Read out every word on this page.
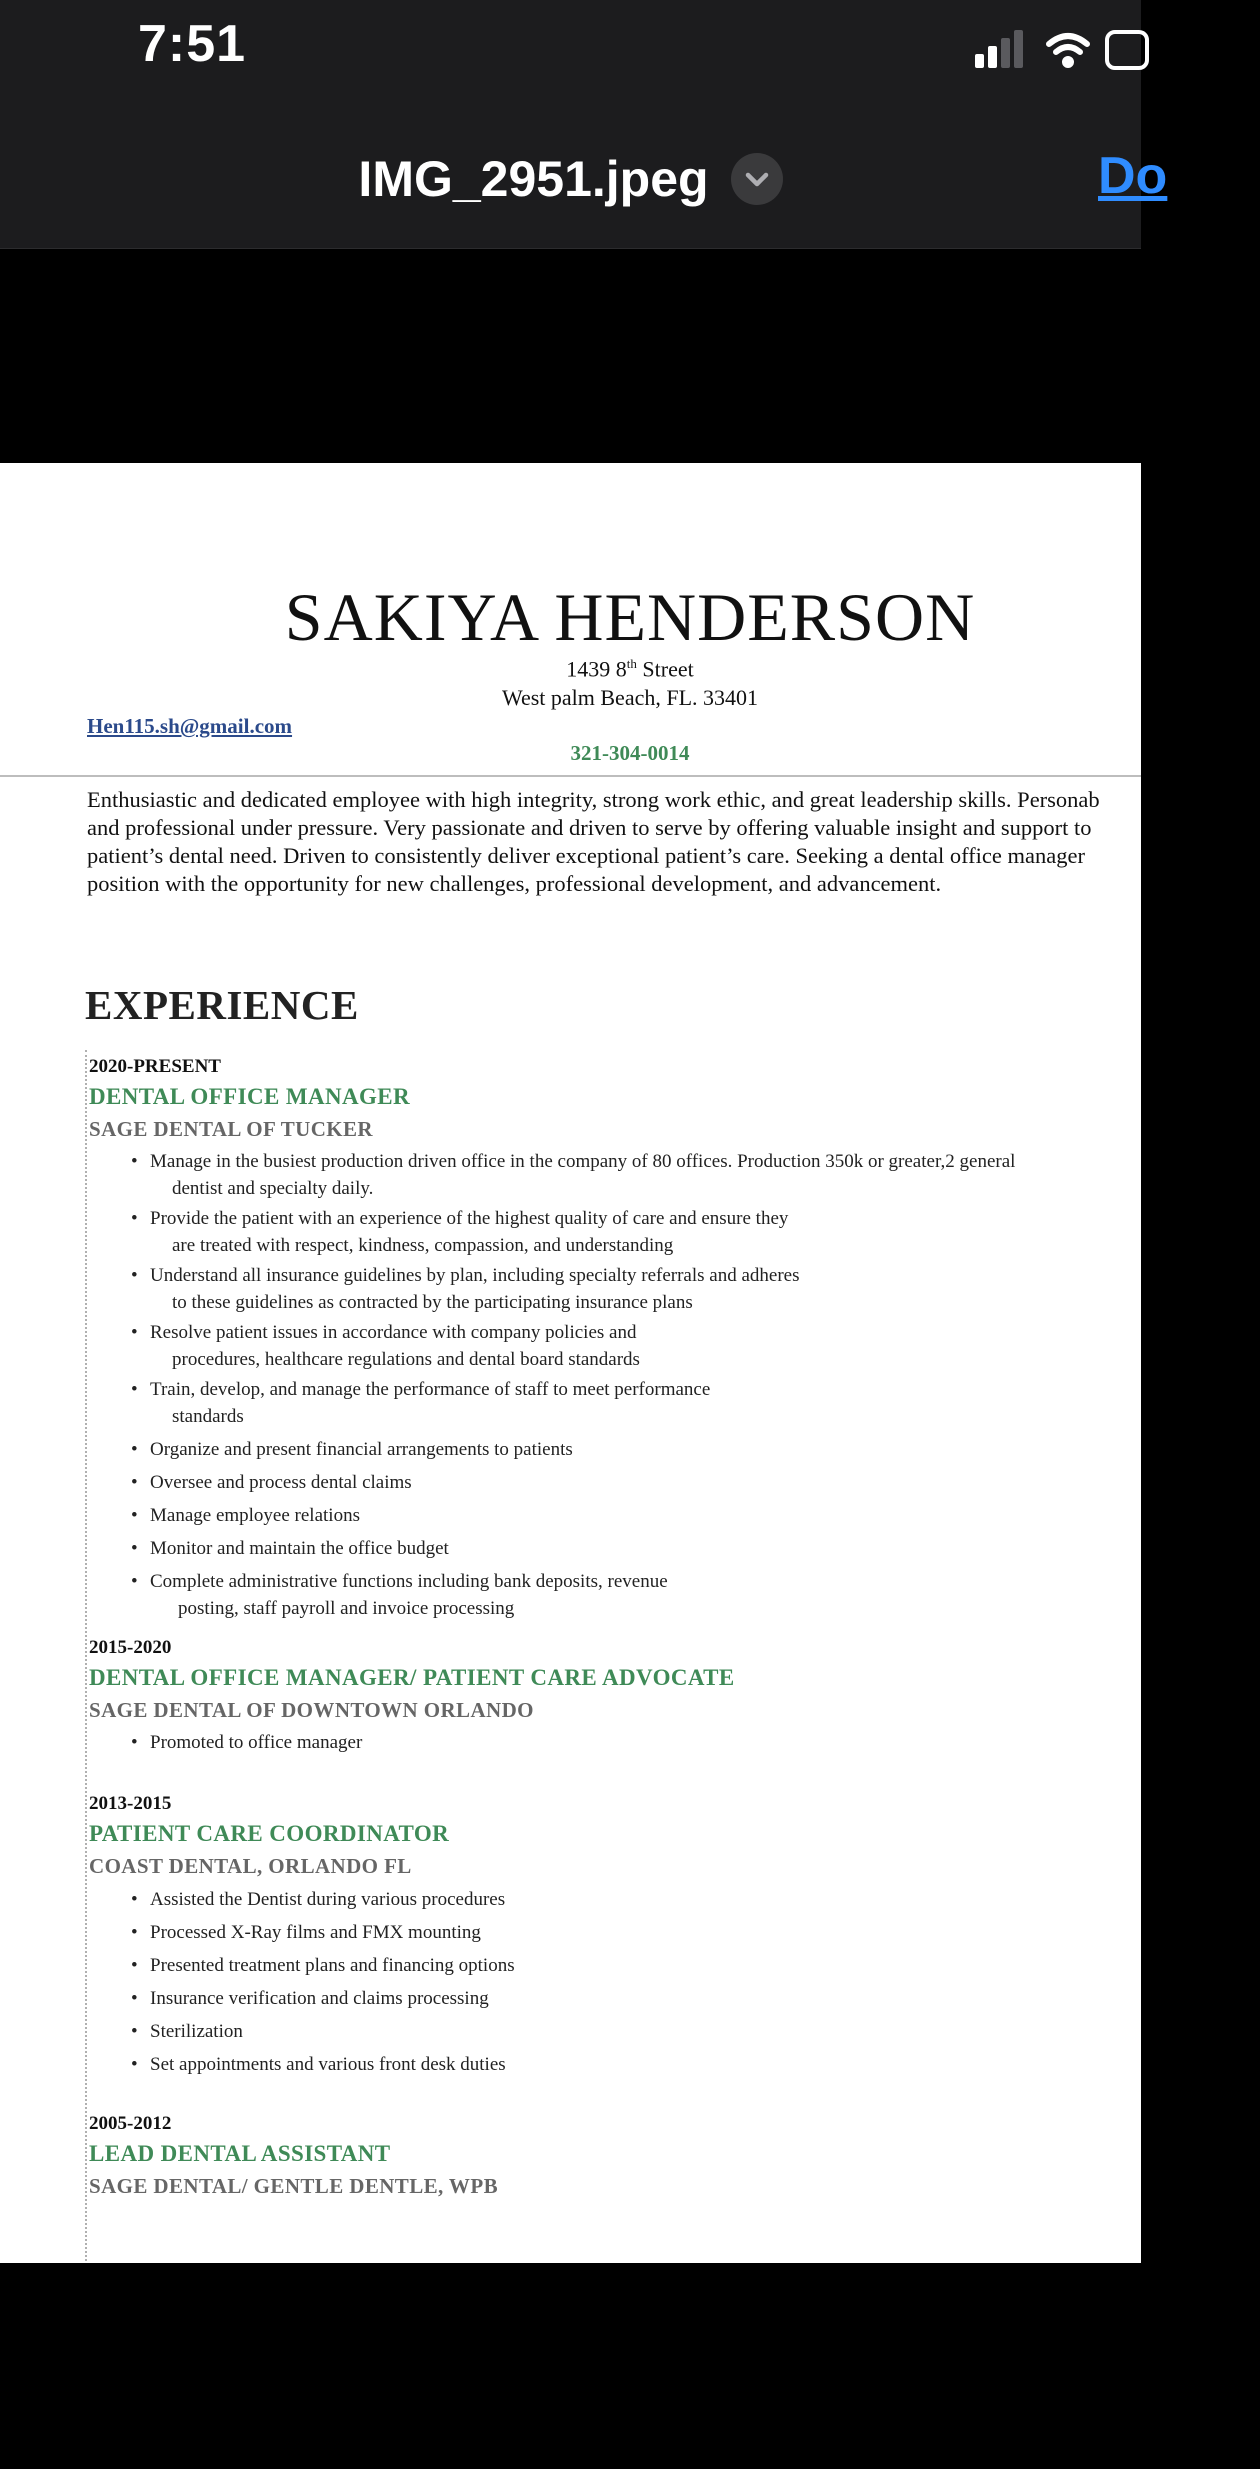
7:51
IMG_2951.jpeg	Do
SAKIYA HENDERSON
1439 8th Street
West palm Beach, FL. 33401
Hen115.sh@gmail.com
321-304-0014
Enthusiastic and dedicated employee with high integrity, strong work ethic, and great leadership skills. Personab
and professional under pressure. Very passionate and driven to serve by offering valuable insight and support to
patient’s dental need. Driven to consistently deliver exceptional patient’s care. Seeking a dental office manager
position with the opportunity for new challenges, professional development, and advancement.
EXPERIENCE
2020-PRESENT
DENTAL OFFICE MANAGER
SAGE DENTAL OF TUCKER
• Manage in the busiest production driven office in the company of 80 offices. Production 350k or greater,2 general
dentist and specialty daily.
• Provide the patient with an experience of the highest quality of care and ensure they
are treated with respect, kindness, compassion, and understanding
• Understand all insurance guidelines by plan, including specialty referrals and adheres
to these guidelines as contracted by the participating insurance plans
• Resolve patient issues in accordance with company policies and
procedures, healthcare regulations and dental board standards
• Train, develop, and manage the performance of staff to meet performance
standards
• Organize and present financial arrangements to patients
• Oversee and process dental claims
• Manage employee relations
• Monitor and maintain the office budget
• Complete administrative functions including bank deposits, revenue
posting, staff payroll and invoice processing
2015-2020
DENTAL OFFICE MANAGER/ PATIENT CARE ADVOCATE
SAGE DENTAL OF DOWNTOWN ORLANDO
• Promoted to office manager
2013-2015
PATIENT CARE COORDINATOR
COAST DENTAL, ORLANDO FL
• Assisted the Dentist during various procedures
• Processed X-Ray films and FMX mounting
• Presented treatment plans and financing options
• Insurance verification and claims processing
• Sterilization
• Set appointments and various front desk duties
2005-2012
LEAD DENTAL ASSISTANT
SAGE DENTAL/ GENTLE DENTLE, WPB
